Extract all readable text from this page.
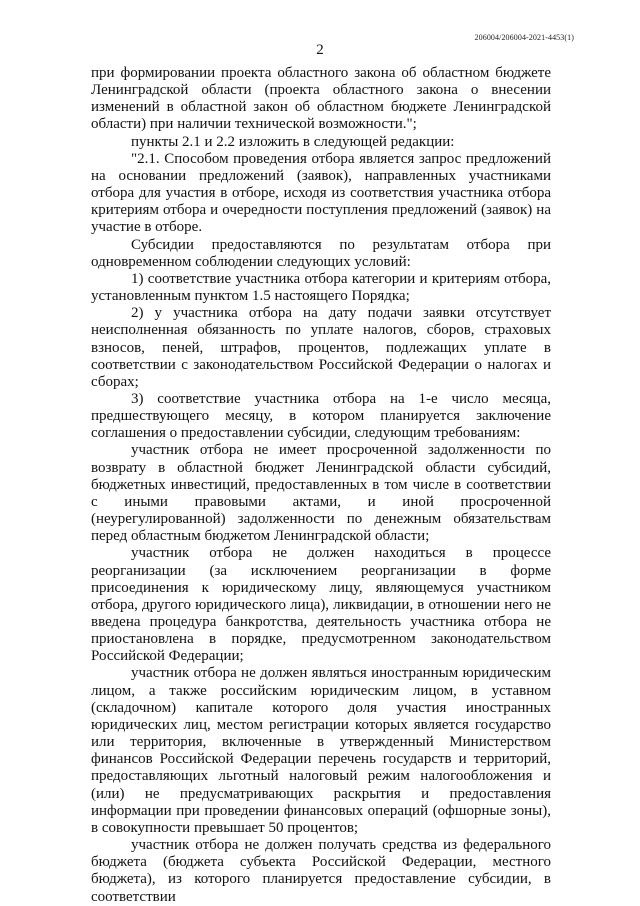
206004/206004-2021-4453(1)
2

при формировании проекта областного закона об областном бюджете Ленинградской области (проекта областного закона о внесении изменений в областной закон об областном бюджете Ленинградской области) при наличии технической возможности.";

пункты 2.1 и 2.2 изложить в следующей редакции:

"2.1. Способом проведения отбора является запрос предложений на основании предложений (заявок), направленных участниками отбора для участия в отборе, исходя из соответствия участника отбора критериям отбора и очередности поступления предложений (заявок) на участие в отборе.

Субсидии предоставляются по результатам отбора при одновременном соблюдении следующих условий:

1) соответствие участника отбора категории и критериям отбора, установленным пунктом 1.5 настоящего Порядка;

2) у участника отбора на дату подачи заявки отсутствует неисполненная обязанность по уплате налогов, сборов, страховых взносов, пеней, штрафов, процентов, подлежащих уплате в соответствии с законодательством Российской Федерации о налогах и сборах;

3) соответствие участника отбора на 1-е число месяца, предшествующего месяцу, в котором планируется заключение соглашения о предоставлении субсидии, следующим требованиям:

участник отбора не имеет просроченной задолженности по возврату в областной бюджет Ленинградской области субсидий, бюджетных инвестиций, предоставленных в том числе в соответствии с иными правовыми актами, и иной просроченной (неурегулированной) задолженности по денежным обязательствам перед областным бюджетом Ленинградской области;

участник отбора не должен находиться в процессе реорганизации (за исключением реорганизации в форме присоединения к юридическому лицу, являющемуся участником отбора, другого юридического лица), ликвидации, в отношении него не введена процедура банкротства, деятельность участника отбора не приостановлена в порядке, предусмотренном законодательством Российской Федерации;

участник отбора не должен являться иностранным юридическим лицом, а также российским юридическим лицом, в уставном (складочном) капитале которого доля участия иностранных юридических лиц, местом регистрации которых является государство или территория, включенные в утвержденный Министерством финансов Российской Федерации перечень государств и территорий, предоставляющих льготный налоговый режим налогообложения и (или) не предусматривающих раскрытия и предоставления информации при проведении финансовых операций (офшорные зоны), в совокупности превышает 50 процентов;

участник отбора не должен получать средства из федерального бюджета (бюджета субъекта Российской Федерации, местного бюджета), из которого планируется предоставление субсидии, в соответствии
